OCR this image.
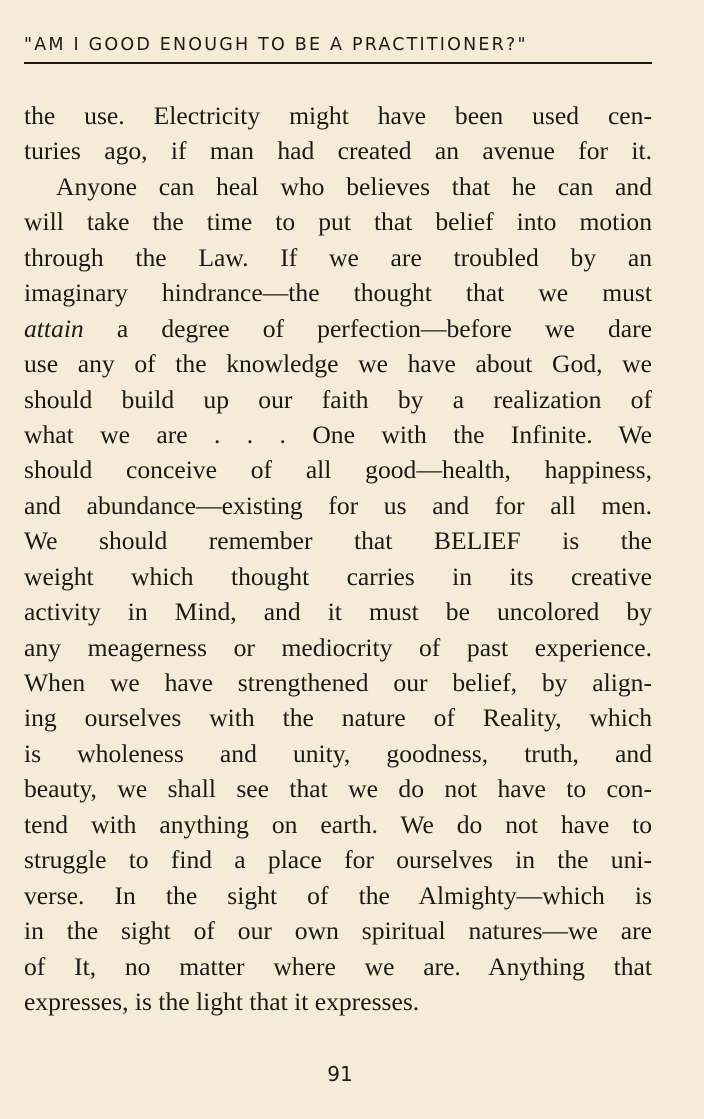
"AM I GOOD ENOUGH TO BE A PRACTITIONER?"
the use. Electricity might have been used cen-
turies ago, if man had created an avenue for it.
Anyone can heal who believes that he can and
will take the time to put that belief into motion
through the Law. If we are troubled by an
imaginary hindrance—the thought that we must
attain a degree of perfection—before we dare
use any of the knowledge we have about God, we
should build up our faith by a realization of
what we are . . . One with the Infinite. We
should conceive of all good—health, happiness,
and abundance—existing for us and for all men.
We should remember that BELIEF is the
weight which thought carries in its creative
activity in Mind, and it must be uncolored by
any meagerness or mediocrity of past experience.
When we have strengthened our belief, by align-
ing ourselves with the nature of Reality, which
is wholeness and unity, goodness, truth, and
beauty, we shall see that we do not have to con-
tend with anything on earth. We do not have to
struggle to find a place for ourselves in the uni-
verse. In the sight of the Almighty—which is
in the sight of our own spiritual natures—we are
of It, no matter where we are. Anything that
expresses, is the light that it expresses.
91
